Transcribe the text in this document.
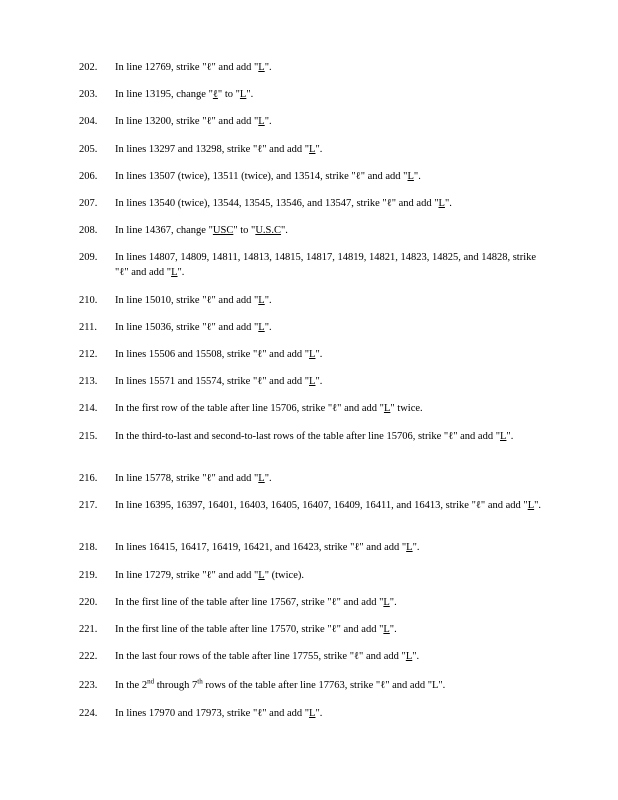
202.	In line 12769, strike "ℓ" and add "L".
203.	In line 13195, change "ℓ" to "L".
204.	In line 13200, strike "ℓ" and add "L".
205.	In lines 13297 and 13298, strike "ℓ" and add "L".
206.	In lines 13507 (twice), 13511 (twice), and 13514, strike "ℓ" and add "L".
207.	In lines 13540 (twice), 13544, 13545, 13546, and 13547, strike "ℓ" and add "L".
208.	In line 14367, change "USC" to "U.S.C".
209.	In lines 14807, 14809, 14811, 14813, 14815, 14817, 14819, 14821, 14823, 14825, and 14828, strike "ℓ" and add "L".
210.	In line 15010, strike "ℓ" and add "L".
211.	In line 15036, strike "ℓ" and add "L".
212.	In lines 15506 and 15508, strike "ℓ" and add "L".
213.	In lines 15571 and 15574, strike "ℓ" and add "L".
214.	In the first row of the table after line 15706, strike "ℓ" and add "L" twice.
215.	In the third-to-last and second-to-last rows of the table after line 15706, strike "ℓ" and add "L".
216.	In line 15778, strike "ℓ" and add "L".
217.	In line 16395, 16397, 16401, 16403, 16405, 16407, 16409, 16411, and 16413, strike "ℓ" and add "L".
218.	In lines 16415, 16417, 16419, 16421, and 16423, strike "ℓ" and add "L".
219.	In line 17279, strike "ℓ" and add "L" (twice).
220.	In the first line of the table after line 17567, strike "ℓ" and add "L".
221.	In the first line of the table after line 17570, strike "ℓ" and add "L".
222.	In the last four rows of the table after line 17755, strike "ℓ" and add "L".
223.	In the 2nd through 7th rows of the table after line 17763, strike "ℓ" and add "L".
224.	In lines 17970 and 17973, strike "ℓ" and add "L".
